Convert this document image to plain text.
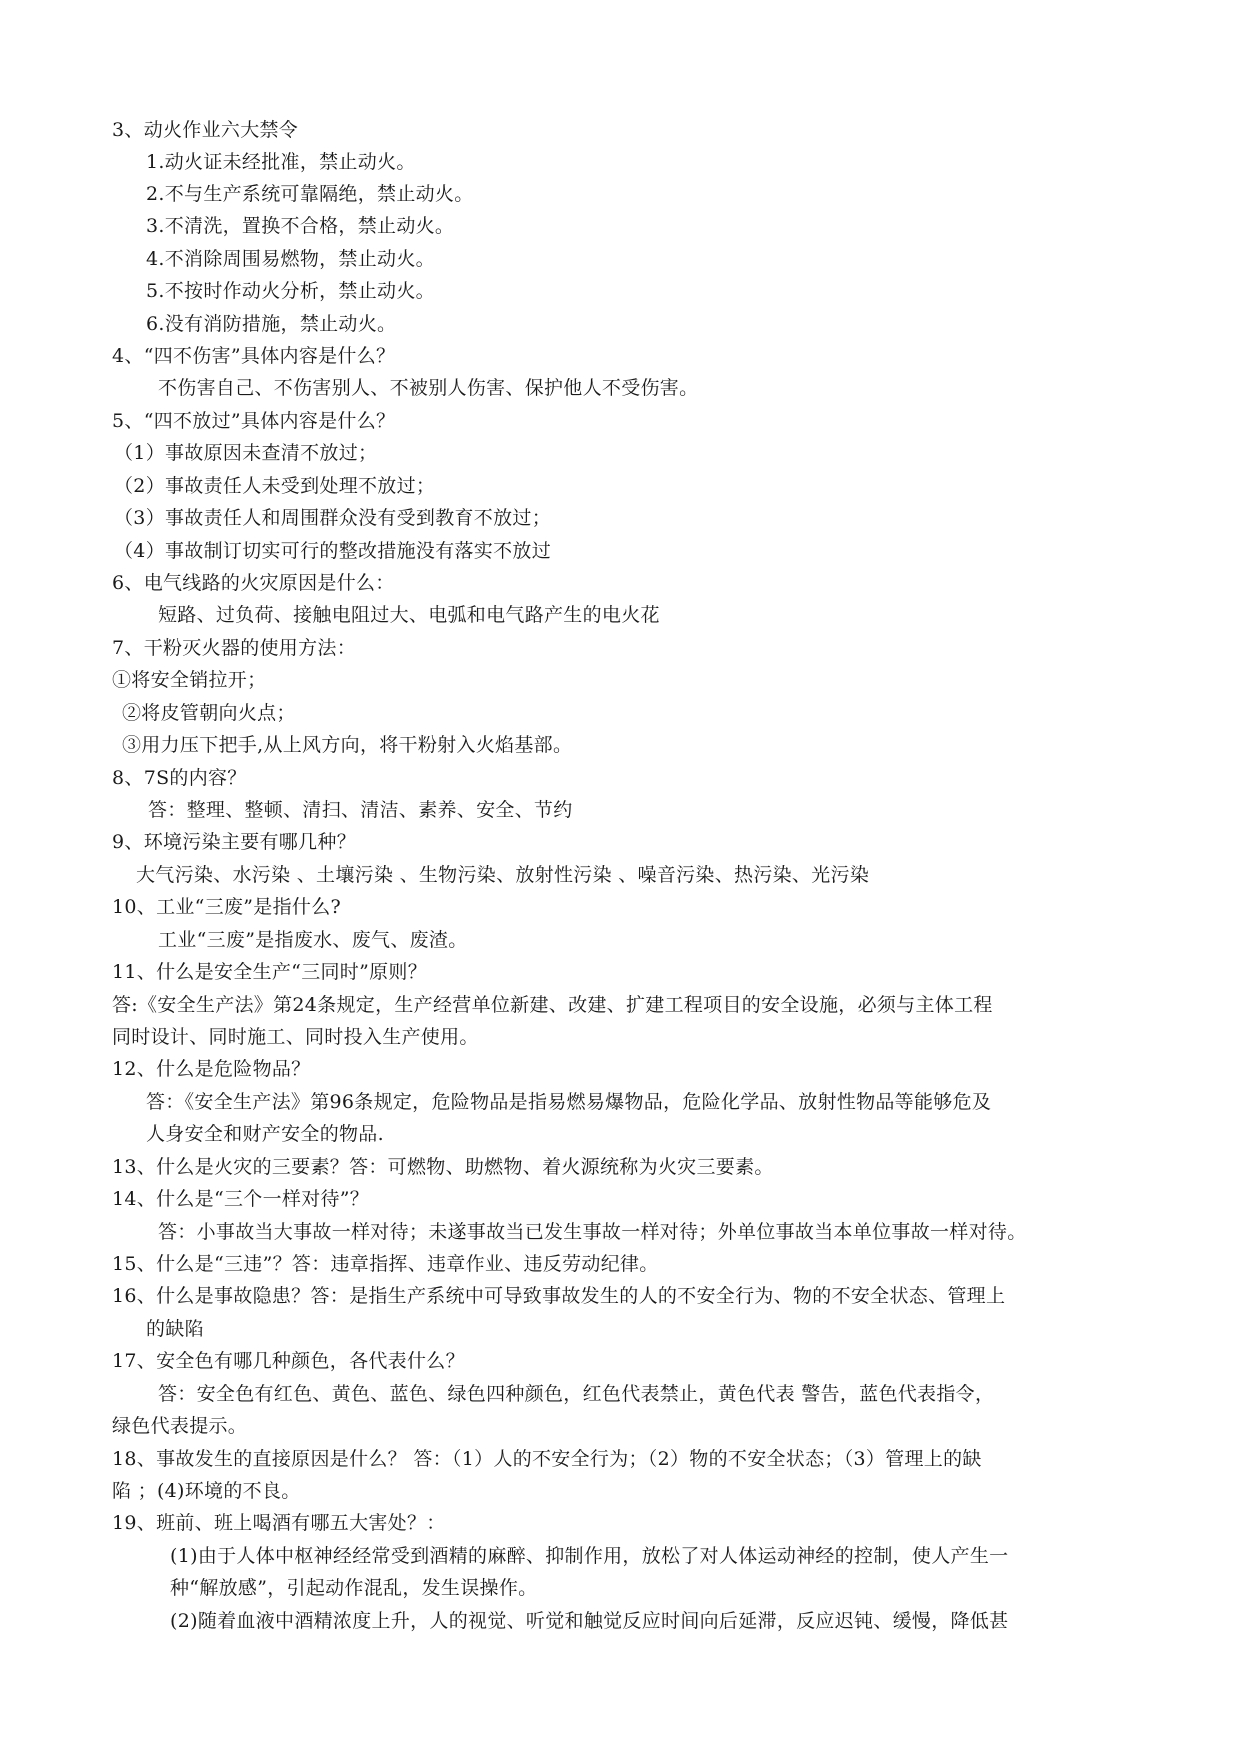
3、动火作业六大禁令
1.动火证未经批准，禁止动火。
2.不与生产系统可靠隔绝，禁止动火。
3.不清洗，置换不合格，禁止动火。
4.不消除周围易燃物，禁止动火。
5.不按时作动火分析，禁止动火。
6.没有消防措施，禁止动火。
4、“四不伤害”具体内容是什么？
不伤害自己、不伤害别人、不被别人伤害、保护他人不受伤害。
5、“四不放过”具体内容是什么？
（1）事故原因未查清不放过；
（2）事故责任人未受到处理不放过；
（3）事故责任人和周围群众没有受到教育不放过；
（4）事故制订切实可行的整改措施没有落实不放过
6、电气线路的火灾原因是什么：
短路、过负荷、接触电阻过大、电弧和电气路产生的电火花
7、干粉灭火器的使用方法：
①将安全销拉开；
②将皮管朝向火点；
③用力压下把手,从上风方向，将干粉射入火焰基部。
8、7S的内容？
答：整理、整顿、清扫、清洁、素养、安全、节约
9、环境污染主要有哪几种？
大气污染、水污染 、土壤污染 、生物污染、放射性污染 、噪音污染、热污染、光污染
10、工业“三废”是指什么?
工业“三废”是指废水、废气、废渣。
11、什么是安全生产“三同时”原则？
答:《安全生产法》第24条规定，生产经营单位新建、改建、扩建工程项目的安全设施，必须与主体工程
同时设计、同时施工、同时投入生产使用。
12、什么是危险物品？
答：《安全生产法》第96条规定，危险物品是指易燃易爆物品，危险化学品、放射性物品等能够危及
人身安全和财产安全的物品.
13、什么是火灾的三要素？答：可燃物、助燃物、着火源统称为火灾三要素。
14、什么是“三个一样对待”？
答：小事故当大事故一样对待；未遂事故当已发生事故一样对待；外单位事故当本单位事故一样对待。
15、什么是“三违”？答：违章指挥、违章作业、违反劳动纪律。
16、什么是事故隐患？答：是指生产系统中可导致事故发生的人的不安全行为、物的不安全状态、管理上
的缺陷
17、安全色有哪几种颜色，各代表什么？
答：安全色有红色、黄色、蓝色、绿色四种颜色，红色代表禁止，黄色代表 警告，蓝色代表指令，
绿色代表提示。
18、事故发生的直接原因是什么？ 答：（1）人的不安全行为；（2）物的不安全状态；（3）管理上的缺
陷 ；(4)环境的不良。
19、班前、班上喝酒有哪五大害处？：
(1)由于人体中枢神经经常受到酒精的麻醉、抑制作用，放松了对人体运动神经的控制，使人产生一
种“解放感”，引起动作混乱，发生误操作。
(2)随着血液中酒精浓度上升，人的视觉、听觉和触觉反应时间向后延滞，反应迟钝、缓慢，降低甚
